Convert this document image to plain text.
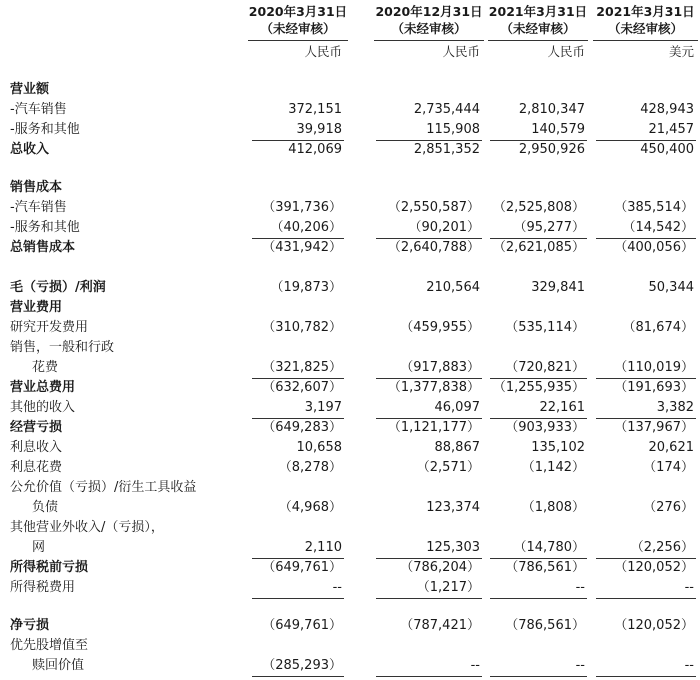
2020年3月31日
（未经审核）
2020年12月31日
（未经审核）
2021年3月31日
（未经审核）
2021年3月31日
（未经审核）
人民币	人民币	人民币	美元
营业额
-汽车销售	372,151	2,735,444	2,810,347	428,943
-服务和其他	39,918	115,908	140,579	21,457
总收入	412,069	2,851,352	2,950,926	450,400
销售成本
-汽车销售	（391,736）	（2,550,587） （2,525,808）	（385,514）
-服务和其他	（40,206）	（90,201）	（95,277）	（14,542）
总销售成本	（431,942）	（2,640,788） （2,621,085）	（400,056）
毛（亏损）/利润	（19,873）	210,564	329,841	50,344
营业费用
研究开发费用	（310,782）	（459,955）	（535,114）	（81,674）
销售，一般和行政
花费	（321,825）	（917,883）	（720,821）	（110,019）
营业总费用	（632,607）	（1,377,838） （1,255,935）	（191,693）
其他的收入	3,197	46,097	22,161	3,382
经营亏损	（649,283）	（1,121,177）	（903,933）	（137,967）
利息收入	10,658	88,867	135,102	20,621
利息花费	（8,278）	（2,571）	（1,142）	（174）
公允价值（亏损）/衍生工具收益
负债	（4,968）	123,374	（1,808）	（276）
其他营业外收入/（亏损），
网	2,110	125,303	（14,780）	（2,256）
所得税前亏损	（649,761）	（786,204）	（786,561）	（120,052）
所得税费用	--	（1,217）	--	--
净亏损	（649,761）	（787,421）	（786,561）	（120,052）
优先股增值至
赎回价值	（285,293）	--	--	--
